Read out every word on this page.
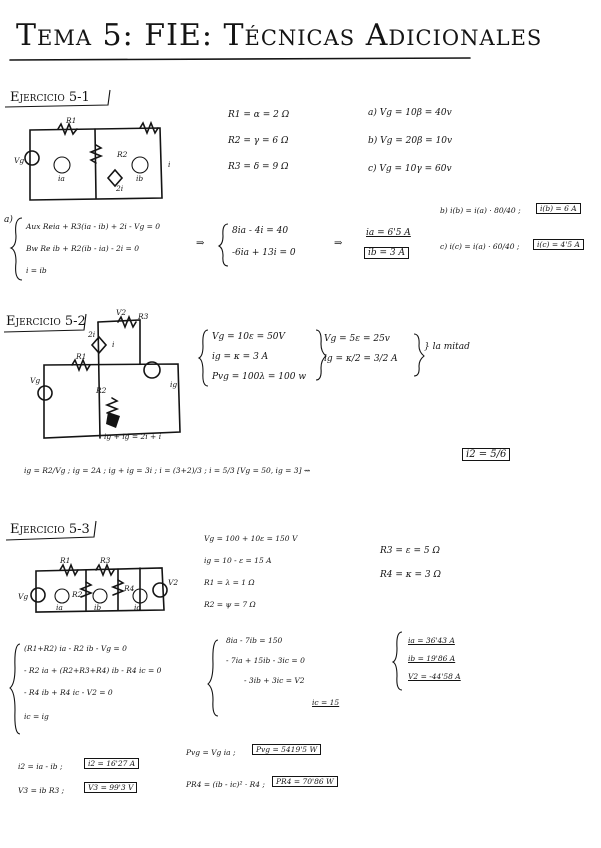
Tema 5: FIE: Técnicas Adicionales
Ejercicio 5-1
R1
R2
Vg
ia	ib
2i
i
R1 = α = 2 Ω
R2 = γ = 6 Ω
R3 = δ = 9 Ω
a) Vg = 10β = 40v
b) Vg = 20β = 10v
c) Vg = 10γ = 60v
a)
Aux Reia + R3(ia - ib) + 2i - Vg = 0
Bw Re ib + R2(ib - ia) - 2i = 0
i = ib
⇒
8ia - 4i = 40
-6ia + 13i = 0
⇒
ia = 6'5 A
ib = 3 A
b) i(b) = i(a) · 80/40 ;	i(b) = 6 A
c) i(c) = i(a) · 60/40 ;	i(c) = 4'5 A
Ejercicio 5-2
V2 R3
2i
R1
ig
Vg
R2
i
ig + ig = 2i + i
Vg = 10ε = 50V
ig = κ = 3 A
Pvg = 100λ = 100 w
Vg = 5ε = 25v
ig = κ/2 = 3/2 A
} la mitad
ig = R2/Vg ; ig = 2A ; ig + ig = 3i ; i = (3+2)/3 ; i = 5/3 [Vg = 50, ig = 3] ⇝
i2 = 5/6
Ejercicio 5-3
R1	R3
R2
R4
Vg
ia	ib	ic
V2
Vg = 100 + 10ε = 150 V
ig = 10 - ε = 15 A
R1 = λ = 1 Ω
R2 = ψ = 7 Ω
R3 = ε = 5 Ω
R4 = κ = 3 Ω
(R1+R2) ia - R2 ib - Vg = 0
- R2 ia + (R2+R3+R4) ib - R4 ic = 0
- R4 ib + R4 ic - V2 = 0
ic = ig
8ia - 7ib = 150
- 7ia + 15ib - 3ic = 0
- 3ib + 3ic = V2
ic = 15
ia = 36'43 A
ib = 19'86 A
V2 = -44'58 A
i2 = ia - ib ;	i2 = 16'27 A
V3 = ib R3 ;	V3 = 99'3 V
Pvg = Vg ia ;	Pvg = 5419'5 W
PR4 = (ib - ic)² · R4 ;	PR4 = 70'86 W
